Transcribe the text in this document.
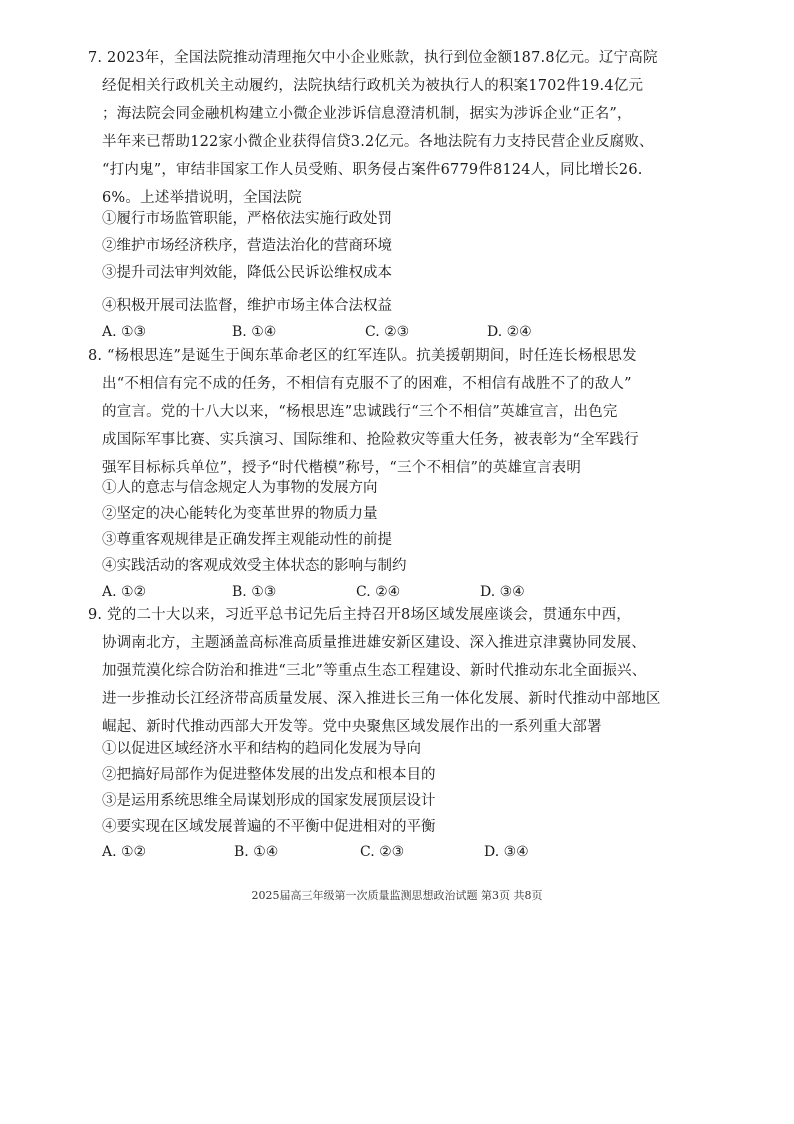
7. 2023年，全国法院推动清理拖欠中小企业账款，执行到位金额187.8亿元。辽宁高院
经促相关行政机关主动履约，法院执结行政机关为被执行人的积案1702件19.4亿元
；海法院会同金融机构建立小微企业涉诉信息澄清机制，据实为涉诉企业“正名”，
半年来已帮助122家小微企业获得信贷3.2亿元。各地法院有力支持民营企业反腐败、
“打内鬼”，审结非国家工作人员受贿、职务侵占案件6779件8124人，同比增长26.
6%。上述举措说明，全国法院
①履行市场监管职能，严格依法实施行政处罚
②维护市场经济秩序，营造法治化的营商环境
③提升司法审判效能，降低公民诉讼维权成本
④积极开展司法监督，维护市场主体合法权益
A. ①③	B. ①④	C. ②③	D. ②④
8. “杨根思连”是诞生于闽东革命老区的红军连队。抗美援朝期间，时任连长杨根思发
出“不相信有完不成的任务，不相信有克服不了的困难，不相信有战胜不了的敌人”
的宣言。党的十八大以来，“杨根思连”忠诚践行“三个不相信”英雄宣言，出色完
成国际军事比赛、实兵演习、国际维和、抢险救灾等重大任务，被表彰为“全军践行
强军目标标兵单位”，授予“时代楷模”称号，“三个不相信”的英雄宣言表明
①人的意志与信念规定人为事物的发展方向
②坚定的决心能转化为变革世界的物质力量
③尊重客观规律是正确发挥主观能动性的前提
④实践活动的客观成效受主体状态的影响与制约
A. ①②	B. ①③	C. ②④	D. ③④
9. 党的二十大以来，习近平总书记先后主持召开8场区域发展座谈会，贯通东中西，
协调南北方，主题涵盖高标准高质量推进雄安新区建设、深入推进京津冀协同发展、
加强荒漠化综合防治和推进“三北”等重点生态工程建设、新时代推动东北全面振兴、
进一步推动长江经济带高质量发展、深入推进长三角一体化发展、新时代推动中部地区
崛起、新时代推动西部大开发等。党中央聚焦区域发展作出的一系列重大部署
①以促进区域经济水平和结构的趋同化发展为导向
②把搞好局部作为促进整体发展的出发点和根本目的
③是运用系统思维全局谋划形成的国家发展顶层设计
④要实现在区域发展普遍的不平衡中促进相对的平衡
A. ①②	B. ①④	C. ②③	D. ③④
2025届高三年级第一次质量监测思想政治试题 第3页 共8页
